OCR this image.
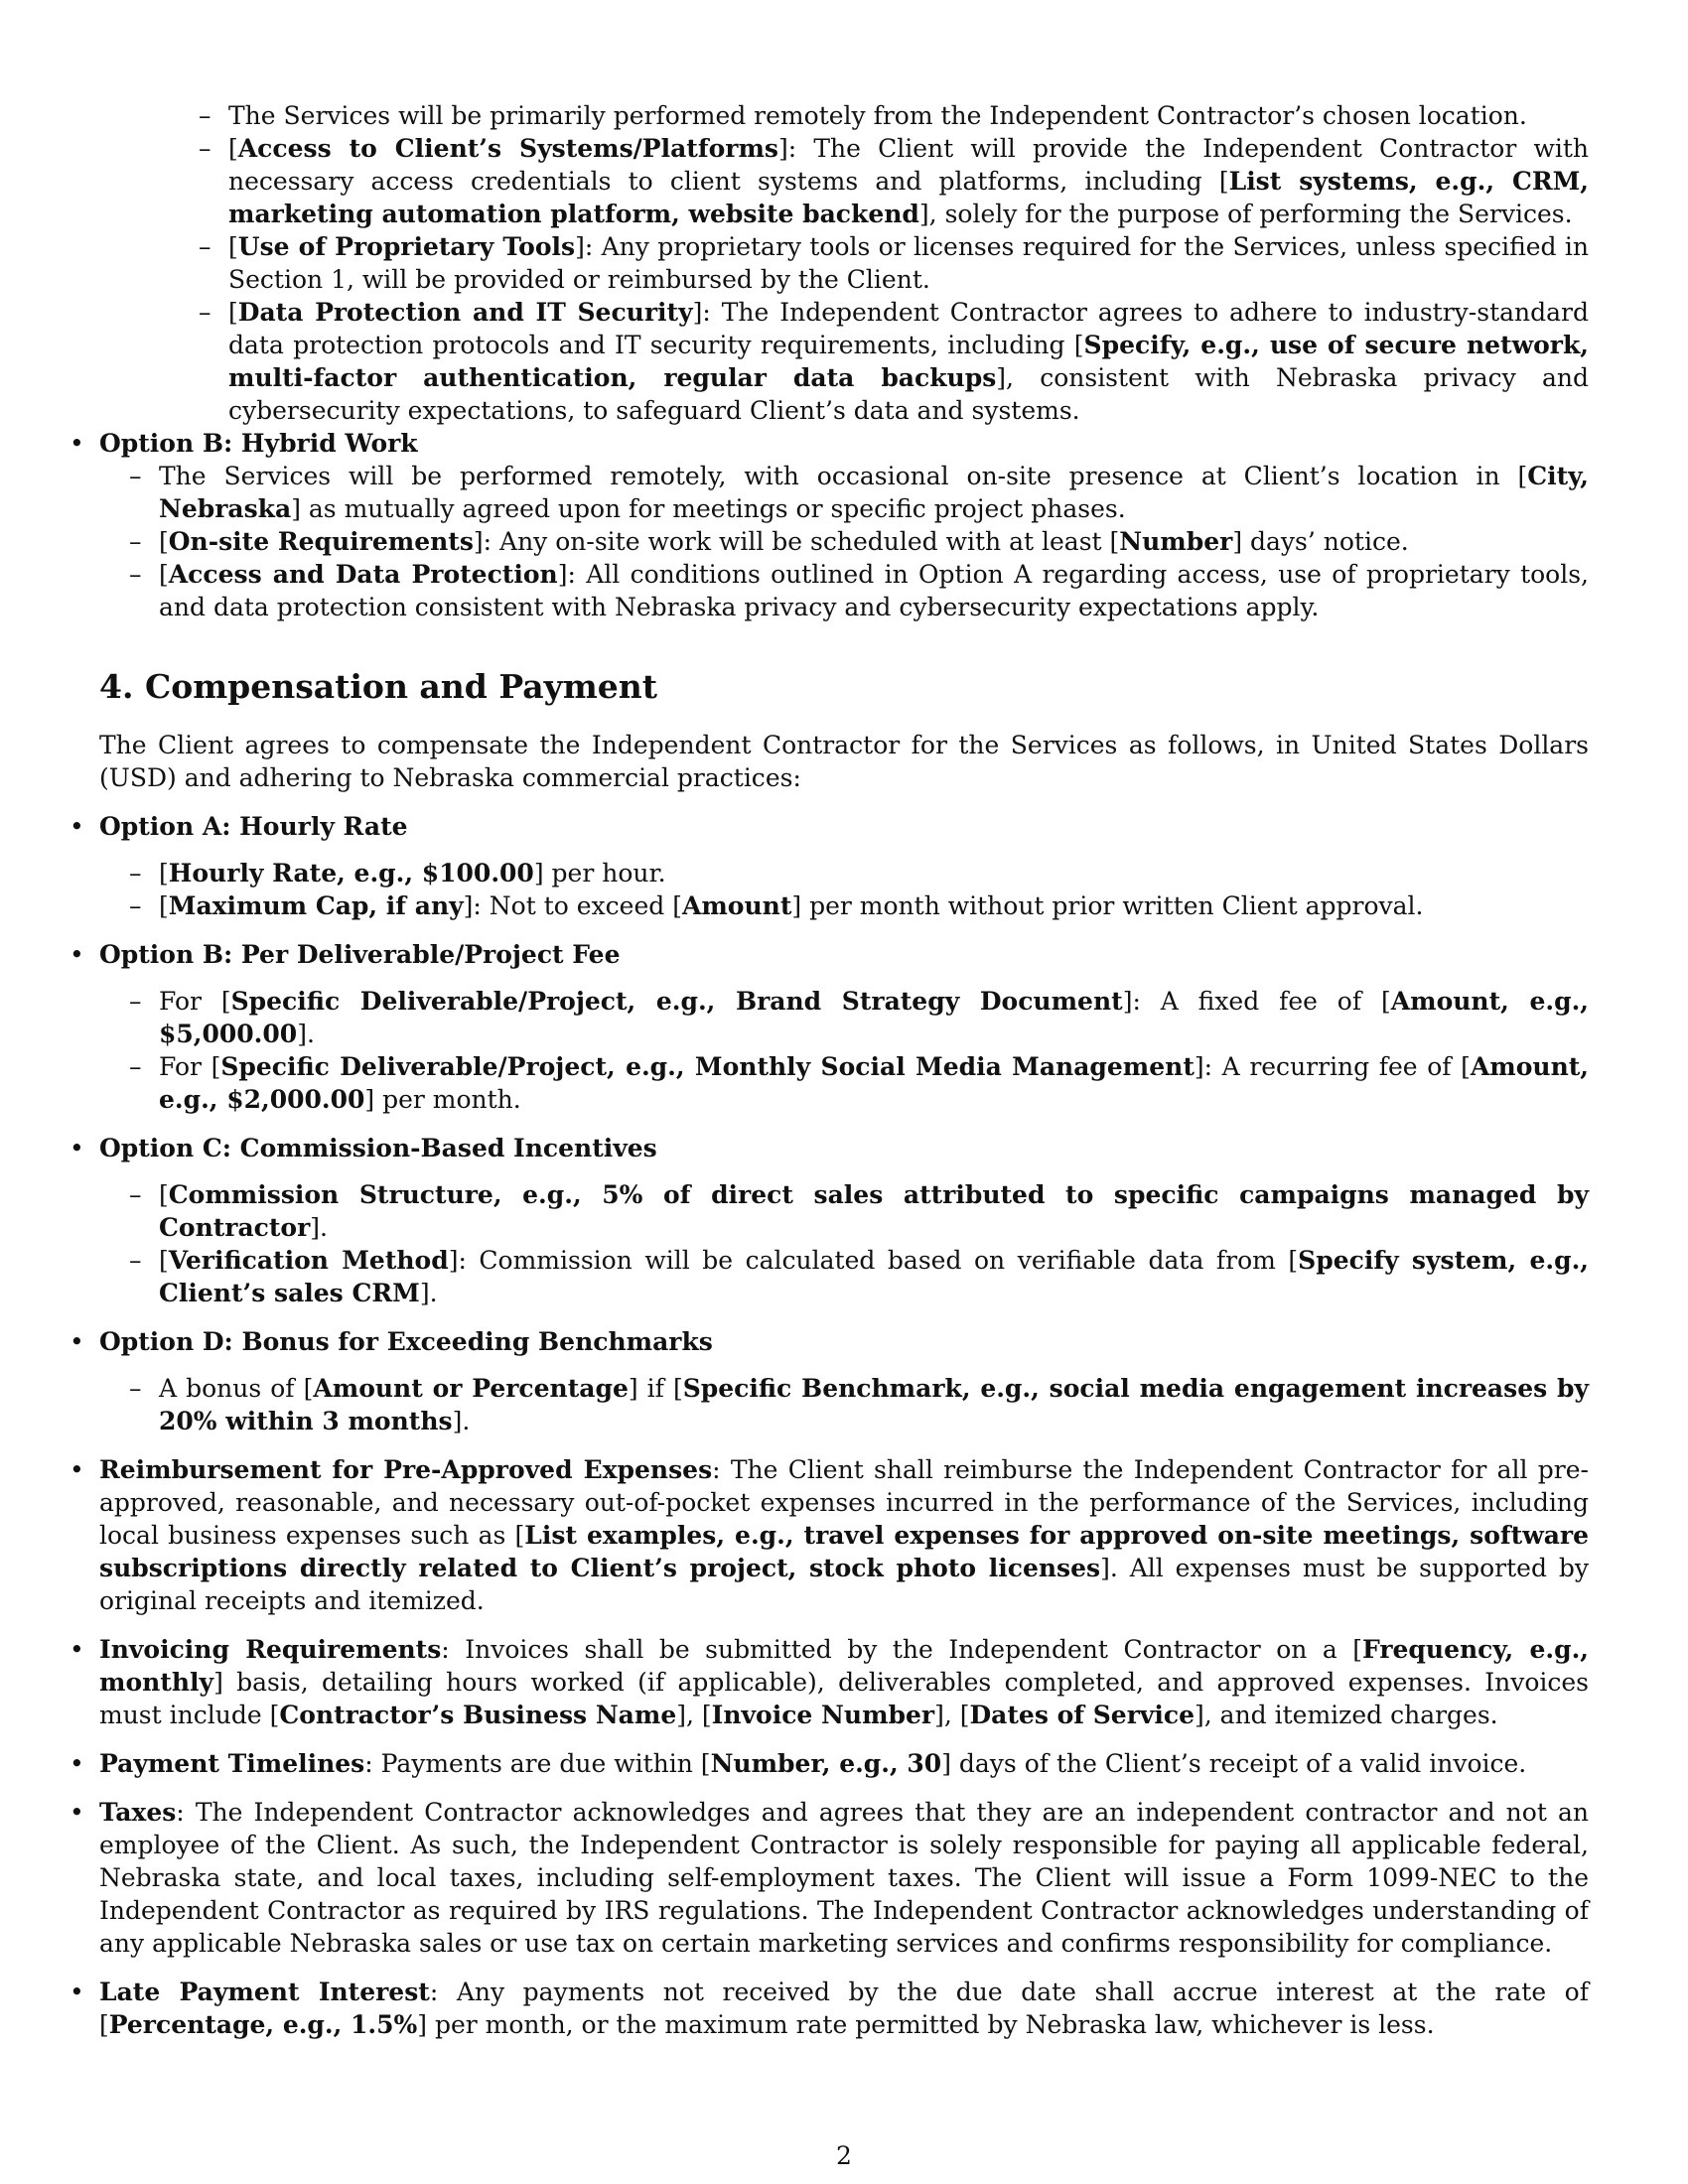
– The Services will be primarily performed remotely from the Independent Contractor’s chosen location.
– [Access to Client’s Systems/Platforms]: The Client will provide the Independent Contractor with necessary access credentials to client systems and platforms, including [List systems, e.g., CRM, marketing automation platform, website backend], solely for the purpose of performing the Services.
– [Use of Proprietary Tools]: Any proprietary tools or licenses required for the Services, unless specified in Section 1, will be provided or reimbursed by the Client.
– [Data Protection and IT Security]: The Independent Contractor agrees to adhere to industry-standard data protection protocols and IT security requirements, including [Specify, e.g., use of secure network, multi-factor authentication, regular data backups], consistent with Nebraska privacy and cybersecurity expectations, to safeguard Client’s data and systems.
• Option B: Hybrid Work
– The Services will be performed remotely, with occasional on-site presence at Client’s location in [City, Nebraska] as mutually agreed upon for meetings or specific project phases.
– [On-site Requirements]: Any on-site work will be scheduled with at least [Number] days’ notice.
– [Access and Data Protection]: All conditions outlined in Option A regarding access, use of proprietary tools, and data protection consistent with Nebraska privacy and cybersecurity expectations apply.
4. Compensation and Payment

The Client agrees to compensate the Independent Contractor for the Services as follows, in United States Dollars (USD) and adhering to Nebraska commercial practices:

• Option A: Hourly Rate
– [Hourly Rate, e.g., $100.00] per hour.
– [Maximum Cap, if any]: Not to exceed [Amount] per month without prior written Client approval.
• Option B: Per Deliverable/Project Fee
– For [Specific Deliverable/Project, e.g., Brand Strategy Document]: A fixed fee of [Amount, e.g., $5,000.00].
– For [Specific Deliverable/Project, e.g., Monthly Social Media Management]: A recurring fee of [Amount, e.g., $2,000.00] per month.
• Option C: Commission-Based Incentives
– [Commission Structure, e.g., 5% of direct sales attributed to specific campaigns managed by Contractor].
– [Verification Method]: Commission will be calculated based on verifiable data from [Specify system, e.g., Client’s sales CRM].
• Option D: Bonus for Exceeding Benchmarks
– A bonus of [Amount or Percentage] if [Specific Benchmark, e.g., social media engagement increases by 20% within 3 months].
• Reimbursement for Pre-Approved Expenses: The Client shall reimburse the Independent Contractor for all pre-approved, reasonable, and necessary out-of-pocket expenses incurred in the performance of the Services, including local business expenses such as [List examples, e.g., travel expenses for approved on-site meetings, software subscriptions directly related to Client’s project, stock photo licenses]. All expenses must be supported by original receipts and itemized.
• Invoicing Requirements: Invoices shall be submitted by the Independent Contractor on a [Frequency, e.g., monthly] basis, detailing hours worked (if applicable), deliverables completed, and approved expenses. Invoices must include [Contractor’s Business Name], [Invoice Number], [Dates of Service], and itemized charges.
• Payment Timelines: Payments are due within [Number, e.g., 30] days of the Client’s receipt of a valid invoice.
• Taxes: The Independent Contractor acknowledges and agrees that they are an independent contractor and not an employee of the Client. As such, the Independent Contractor is solely responsible for paying all applicable federal, Nebraska state, and local taxes, including self-employment taxes. The Client will issue a Form 1099-NEC to the Independent Contractor as required by IRS regulations. The Independent Contractor acknowledges understanding of any applicable Nebraska sales or use tax on certain marketing services and confirms responsibility for compliance.
• Late Payment Interest: Any payments not received by the due date shall accrue interest at the rate of [Percentage, e.g., 1.5%] per month, or the maximum rate permitted by Nebraska law, whichever is less.
2
